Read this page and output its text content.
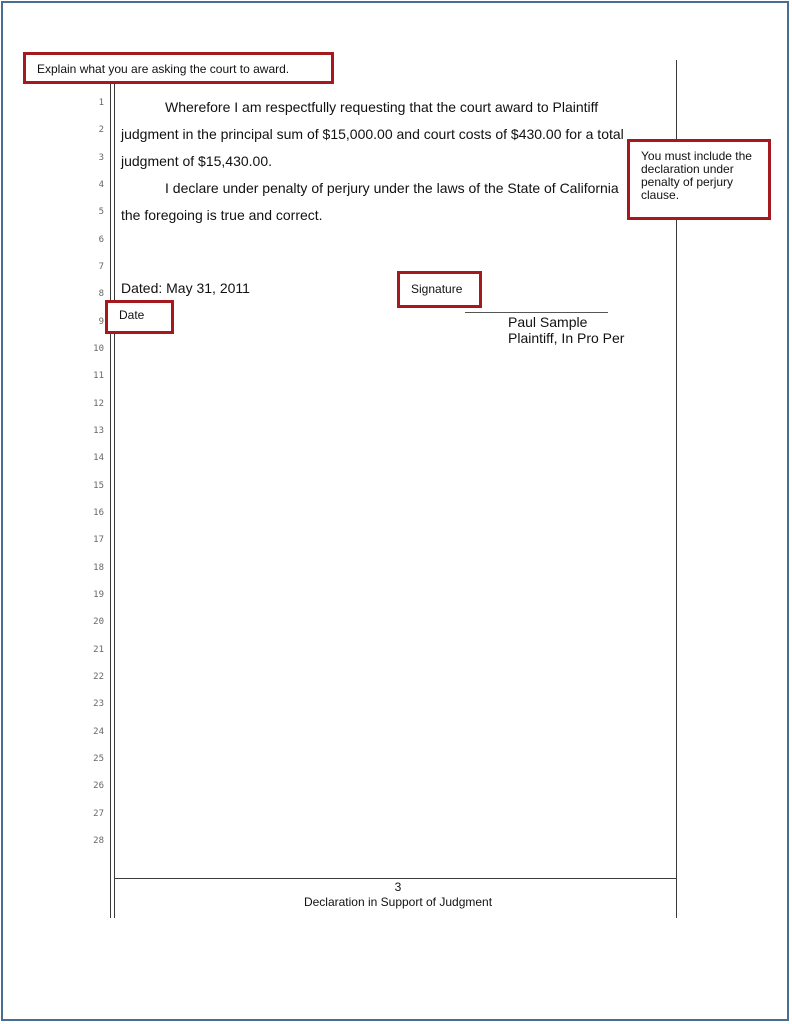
1
2
3
4
5
6
7
8
9
10
11
12
13
14
15
16
17
18
19
20
21
22
23
24
25
26
27
28
Wherefore I am respectfully requesting that the court award to Plaintiff
judgment in the principal sum of $15,000.00 and court costs of $430.00 for a total
judgment of $15,430.00.
I declare under penalty of perjury under the laws of the State of California
the foregoing is true and correct.
Dated: May 31, 2011
Paul Sample
Plaintiff, In Pro Per
3
Declaration in Support of Judgment
Explain what you are asking the court to award.
You must include the declaration under penalty of perjury clause.
Signature
Date
